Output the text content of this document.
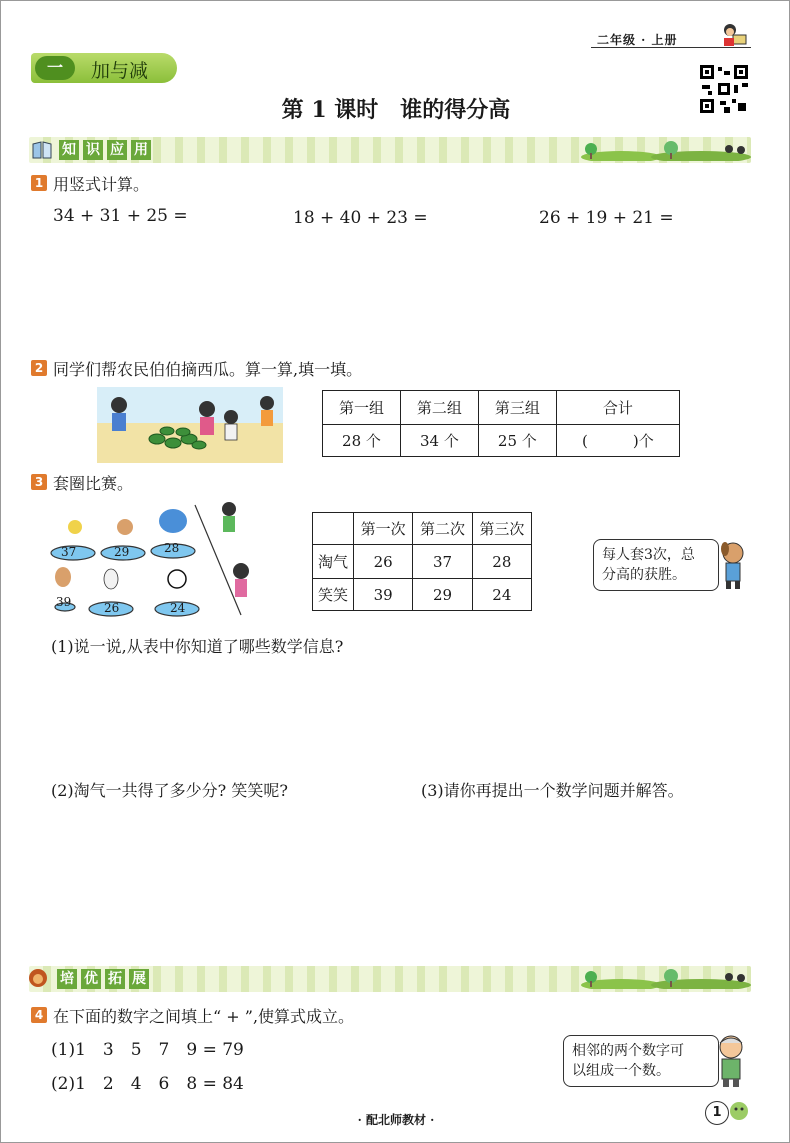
二年级 · 上册
一	加与减
第 1 课时　谁的得分高
知 识 应 用
1 用竖式计算。
34 + 31 + 25 =	18 + 40 + 23 =	26 + 19 + 21 =
2 同学们帮农民伯伯摘西瓜。算一算,填一填。
第一组	第二组	第三组	合计
28 个	34 个	25 个	(　　　)个
3 套圈比赛。
37	29	28
39	26	24
	第一次	第二次	第三次
淘气	26	37	28
笑笑	39	29	24
每人套3次，总
分高的获胜。
(1)说一说,从表中你知道了哪些数学信息?
(2)淘气一共得了多少分? 笑笑呢?	(3)请你再提出一个数学问题并解答。
培 优 拓 展
4 在下面的数字之间填上“ + ”,使算式成立。
(1)1　3　5　7　9 = 79
(2)1　2　4　6　8 = 84
相邻的两个数字可
以组成一个数。
· 配北师教材 ·	1
